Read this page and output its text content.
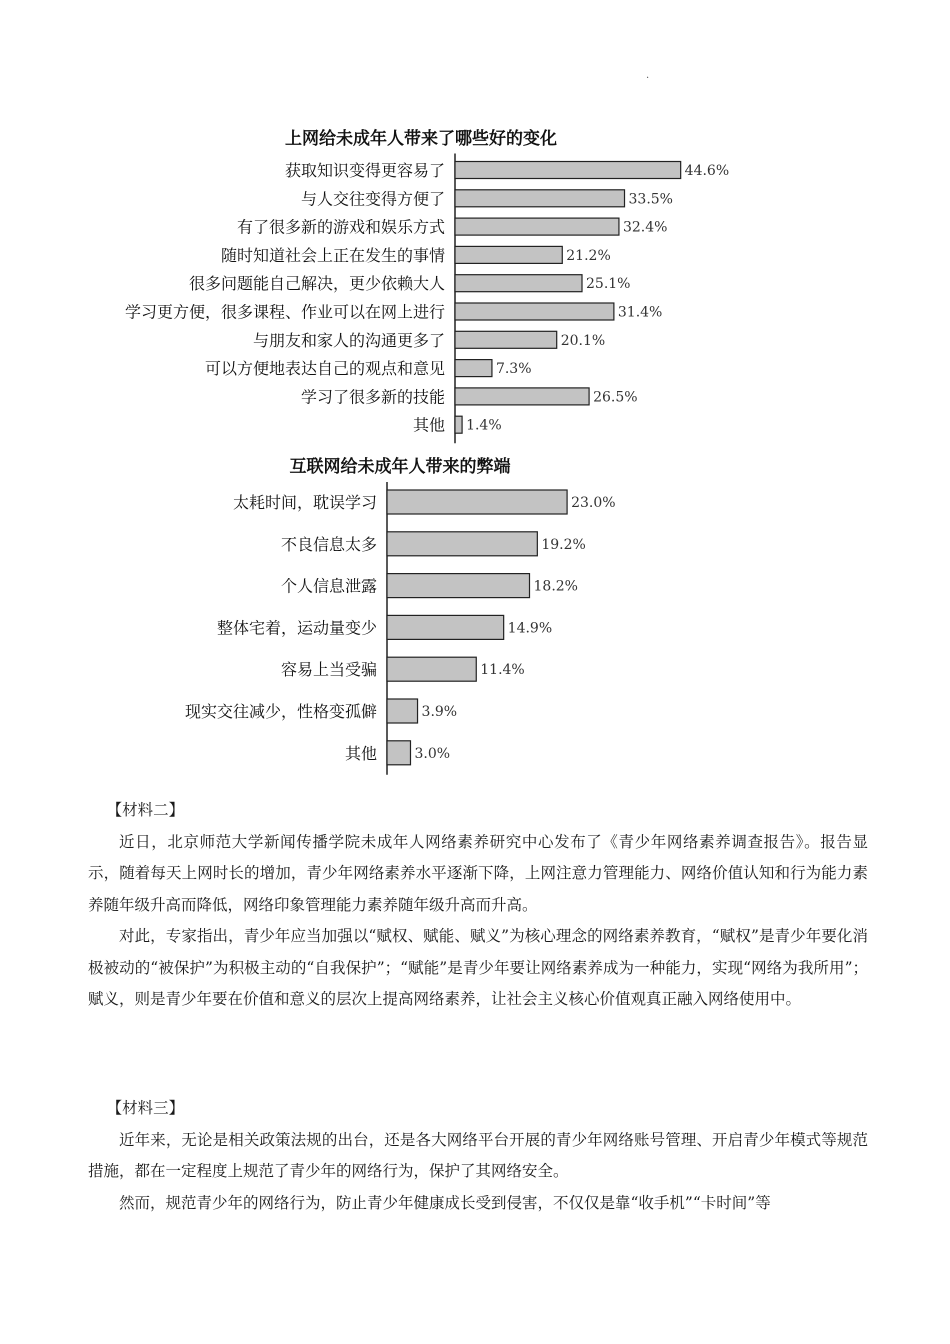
.
上网给未成年人带来了哪些好的变化
获取知识变得更容易了	44.6%
与人交往变得方便了	33.5%
有了很多新的游戏和娱乐方式	32.4%
随时知道社会上正在发生的事情	21.2%
很多问题能自己解决，更少依赖大人	25.1%
学习更方便，很多课程、作业可以在网上进行	31.4%
与朋友和家人的沟通更多了	20.1%
可以方便地表达自己的观点和意见	7.3%
学习了很多新的技能	26.5%
其他 1.4%
互联网给未成年人带来的弊端
太耗时间，耽误学习	23.0%
不良信息太多	19.2%
个人信息泄露	18.2%
整体宅着，运动量变少	14.9%
容易上当受骗	11.4%
现实交往减少，性格变孤僻	3.9%
其他	3.0%

【材料二】

近日，北京师范大学新闻传播学院未成年人网络素养研究中心发布了《青少年网络素养调查报告》。报告显示，随着每天上网时长的增加，青少年网络素养水平逐渐下降，上网注意力管理能力、网络价值认知和行为能力素养随年级升高而降低，网络印象管理能力素养随年级升高而升高。

对此，专家指出，青少年应当加强以“赋权、赋能、赋义”为核心理念的网络素养教育，“赋权”是青少年要化消极被动的“被保护”为积极主动的“自我保护”；“赋能”是青少年要让网络素养成为一种能力，实现“网络为我所用”；赋义，则是青少年要在价值和意义的层次上提高网络素养，让社会主义核心价值观真正融入网络使用中。

【材料三】

近年来，无论是相关政策法规的出台，还是各大网络平台开展的青少年网络账号管理、开启青少年模式等规范措施，都在一定程度上规范了青少年的网络行为，保护了其网络安全。

然而，规范青少年的网络行为，防止青少年健康成长受到侵害，不仅仅是靠“收手机”“卡时间”等
